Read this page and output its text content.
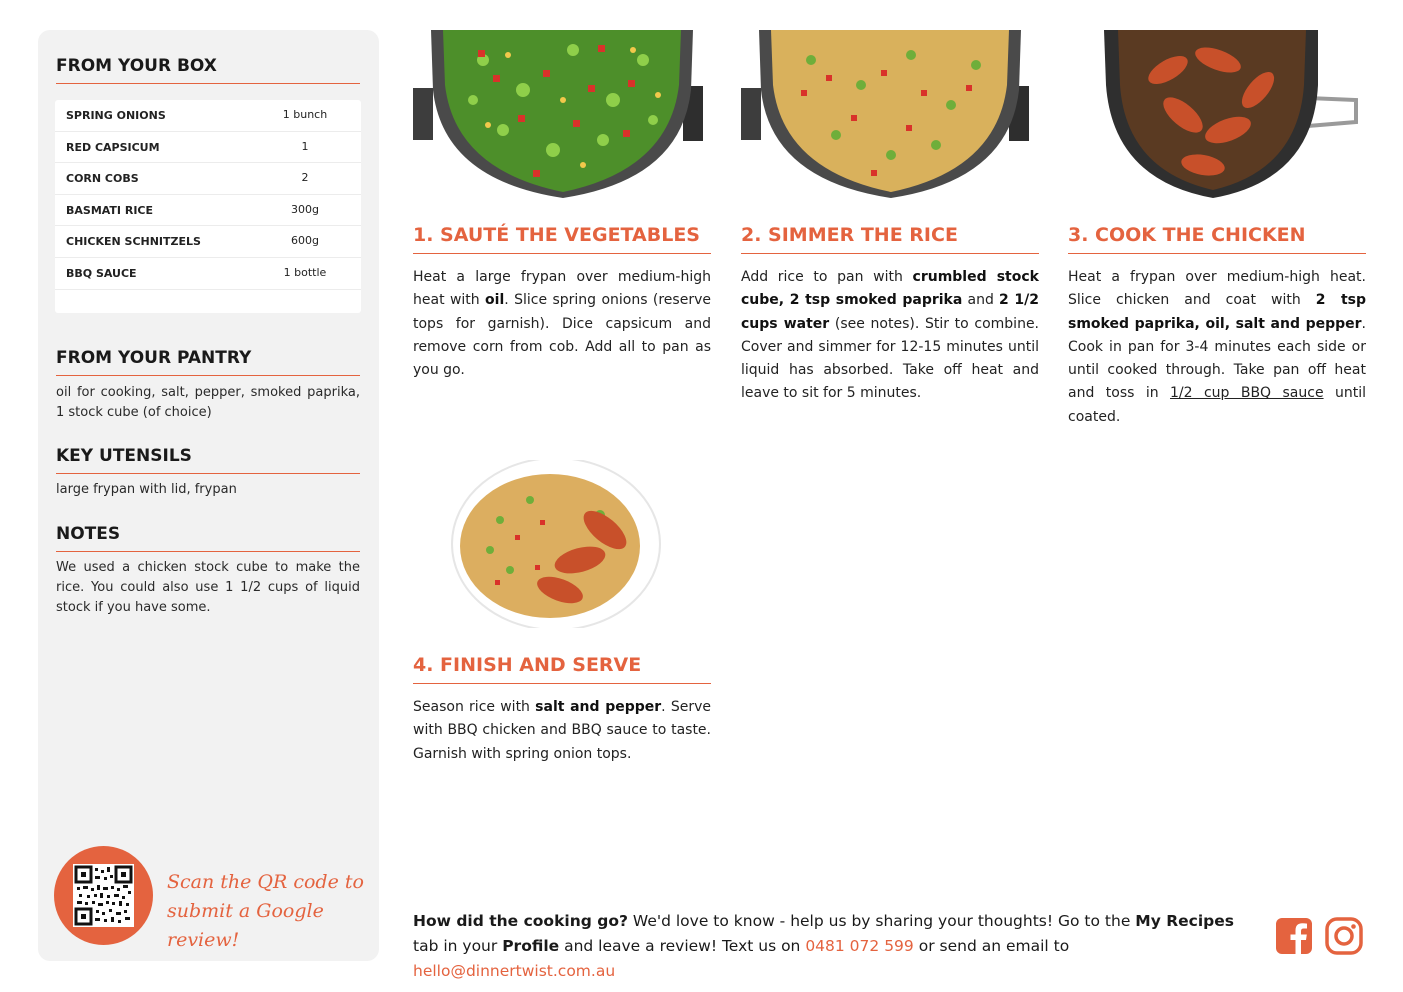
FROM YOUR BOX
SPRING ONIONS	1 bunch
RED CAPSICUM	1
CORN COBS	2
BASMATI RICE	300g
CHICKEN SCHNITZELS	600g
BBQ SAUCE	1 bottle
FROM YOUR PANTRY
oil for cooking, salt, pepper, smoked paprika, 1 stock cube (of choice)
KEY UTENSILS
large frypan with lid, frypan
NOTES
We used a chicken stock cube to make the rice. You could also use 1 1/2 cups of liquid stock if you have some.
Scan the QR code to
submit a Google review!
1. SAUTÉ THE VEGETABLES
Heat a large frypan over medium-high heat with oil. Slice spring onions (reserve tops for garnish). Dice capsicum and remove corn from cob. Add all to pan as you go.
2. SIMMER THE RICE
Add rice to pan with crumbled stock cube, 2 tsp smoked paprika and 2 1/2 cups water (see notes). Stir to combine. Cover and simmer for 12-15 minutes until liquid has absorbed. Take off heat and leave to sit for 5 minutes.
3. COOK THE CHICKEN
Heat a frypan over medium-high heat. Slice chicken and coat with 2 tsp smoked paprika, oil, salt and pepper. Cook in pan for 3-4 minutes each side or until cooked through. Take pan off heat and toss in 1/2 cup BBQ sauce until coated.
4. FINISH AND SERVE
Season rice with salt and pepper. Serve with BBQ chicken and BBQ sauce to taste. Garnish with spring onion tops.
How did the cooking go? We'd love to know - help us by sharing your thoughts! Go to the My Recipes tab in your Profile and leave a review! Text us on 0481 072 599 or send an email to hello@dinnertwist.com.au
